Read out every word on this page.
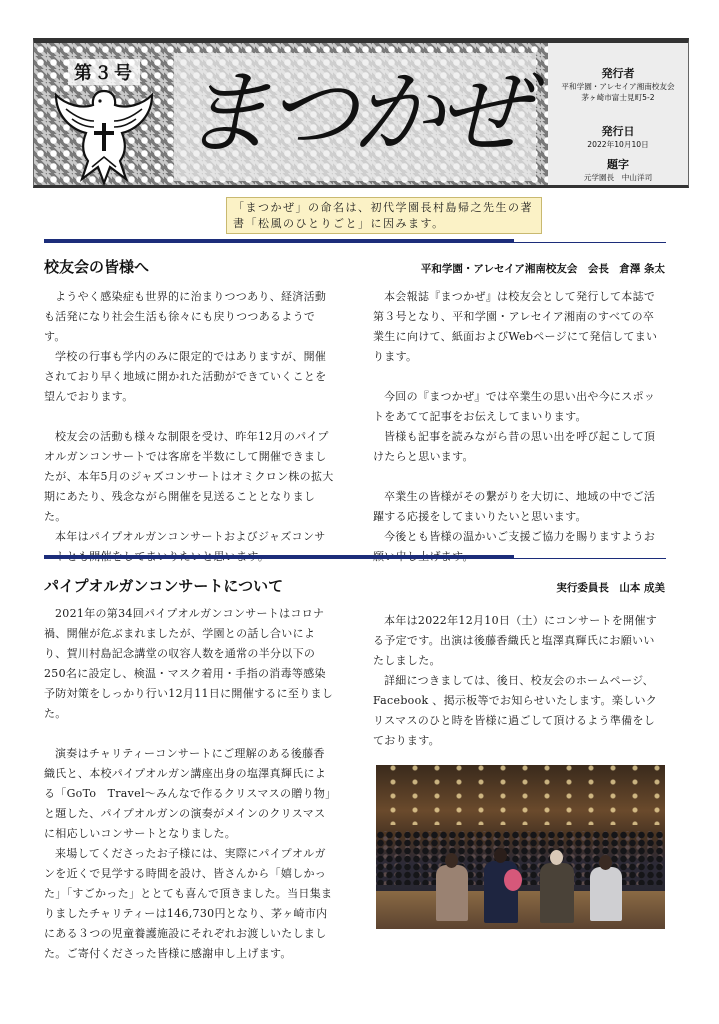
第３号 まつかぜ	発行者
平和学園・アレセイア湘南校友会
茅ヶ崎市富士見町5-2
発行日
2022年10月10日
題字
元学園長　中山洋司
「まつかぜ」の命名は、初代学園長村島帰之先生の著書「松風のひとりごと」に因みます。
校友会の皆様へ	平和学園・アレセイア湘南校友会　会長　倉澤 条太

ようやく感染症も世界的に治まりつつあり、経済活動も活発になり社会生活も徐々にも戻りつつあるようです。

学校の行事も学内のみに限定的ではありますが、開催されており早く地域に開かれた活動ができていくことを望んでおります。

校友会の活動も様々な制限を受け、昨年12月のパイプオルガンコンサートでは客席を半数にして開催できましたが、本年5月のジャズコンサートはオミクロン株の拡大期にあたり、残念ながら開催を見送ることとなりました。

本年はパイプオルガンコンサートおよびジャズコンサ

本会報誌『まつかぜ』は校友会として発行して本誌で第３号となり、平和学園・アレセイア湘南のすべての卒業生に向けて、紙面およびWebページにて発信してまいります。

今回の『まつかぜ』では卒業生の思い出や今にスポットをあてて記事をお伝えしてまいります。

皆様も記事を読みながら昔の思い出を呼び起こして頂けたらと思います。

卒業生の皆様がその繋がりを大切に、地域の中でご活躍する応援をしてまいりたいと思います。

今後とも皆様の温かいご支援ご協力を賜りますようお

パイプオルガンコンサートについて	実行委員長　山本 成美

2021年の第34回パイプオルガンコンサートはコロナ禍、開催が危ぶまれましたが、学園との話し合いにより、賀川村島記念講堂の収容人数を通常の半分以下の250名に設定し、検温・マスク着用・手指の消毒等感染予防対策をしっかり行い12月11日に開催するに至りました。

演奏はチャリティーコンサートにご理解のある後藤香織氏と、本校パイプオルガン講座出身の塩澤真輝氏による「GoTo　Travel～みんなで作るクリスマスの贈り物」と題した、パイプオルガンの演奏がメインのクリスマスに相応しいコンサートとなりました。

来場してくださったお子様には、実際にパイプオルガンを近くで見学する時間を設け、皆さんから「嬉しかった」「すごかった」ととても喜んで頂きました。当日集まりましたチャリティーは146,730円となり、茅ヶ崎市内にある３つの児童養護施設にそれぞれお渡しいたしました。ご寄付くださった皆様に感謝申し上げます。

本年は2022年12月10日（土）にコンサートを開催する予定です。出演は後藤香織氏と塩澤真輝氏にお願いいたしました。

詳細につきましては、後日、校友会のホームページ、Facebook 、掲示板等でお知らせいたします。楽しいクリスマスのひと時を皆様に過ごして頂けるよう準備をしております。
